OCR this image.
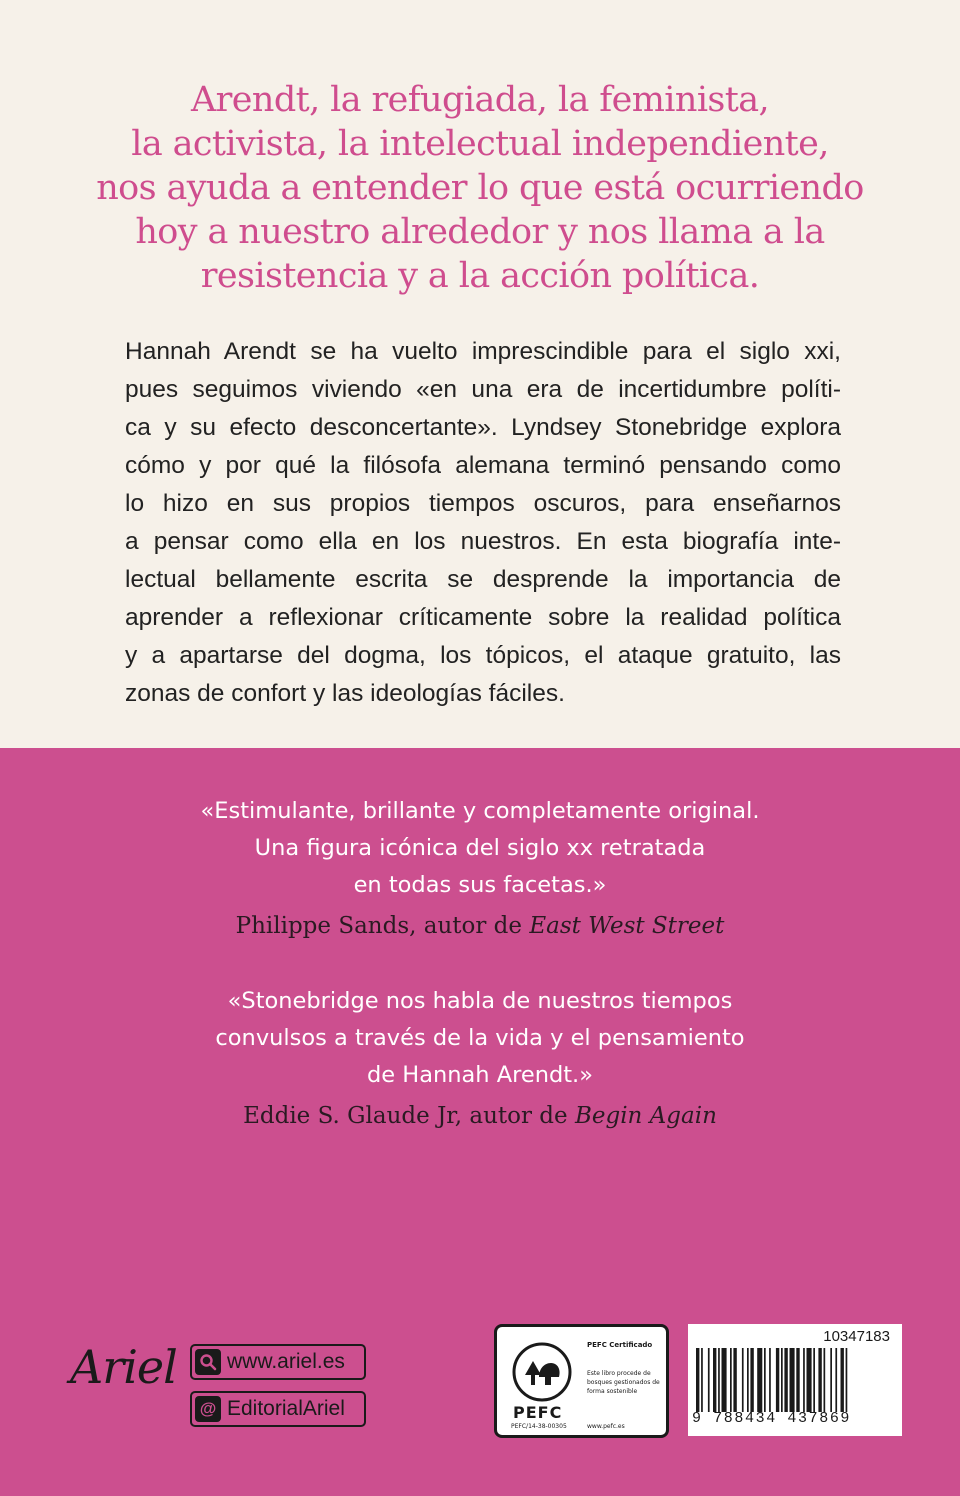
Arendt, la refugiada, la feminista,
la activista, la intelectual independiente,
nos ayuda a entender lo que está ocurriendo
hoy a nuestro alrededor y nos llama a la
resistencia y a la acción política.
Hannah Arendt se ha vuelto imprescindible para el siglo xxi,
pues seguimos viviendo «en una era de incertidumbre políti-
ca y su efecto desconcertante». Lyndsey Stonebridge explora
cómo y por qué la filósofa alemana terminó pensando como
lo hizo en sus propios tiempos oscuros, para enseñarnos
a pensar como ella en los nuestros. En esta biografía inte-
lectual bellamente escrita se desprende la importancia de
aprender a reflexionar críticamente sobre la realidad política
y a apartarse del dogma, los tópicos, el ataque gratuito, las
zonas de confort y las ideologías fáciles.
«Estimulante, brillante y completamente original.
Una figura icónica del siglo xx retratada
en todas sus facetas.»
Philippe Sands, autor de East West Street
«Stonebridge nos habla de nuestros tiempos
convulsos a través de la vida y el pensamiento
de Hannah Arendt.»
Eddie S. Glaude Jr, autor de Begin Again
Ariel www.ariel.es
@ EditorialAriel	PEFC
PEFC/14-38-00305
PEFC Certificado
Este libro procede de bosques gestionados de forma sostenible
www.pefc.es
10347183
9 788434 437869
